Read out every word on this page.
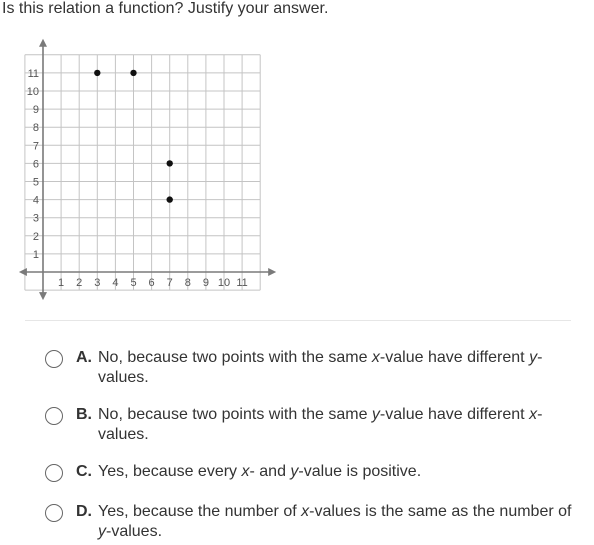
Is this relation a function? Justify your answer.
1 2 3 4 5 6 7 8 9 10 11
1
2
3
4
5
6
7
8
9
10
11
A. No, because two points with the same x-value have different y-
values.
B. No, because two points with the same y-value have different x-
values.
C. Yes, because every x- and y-value is positive.
D. Yes, because the number of x-values is the same as the number of
y-values.
